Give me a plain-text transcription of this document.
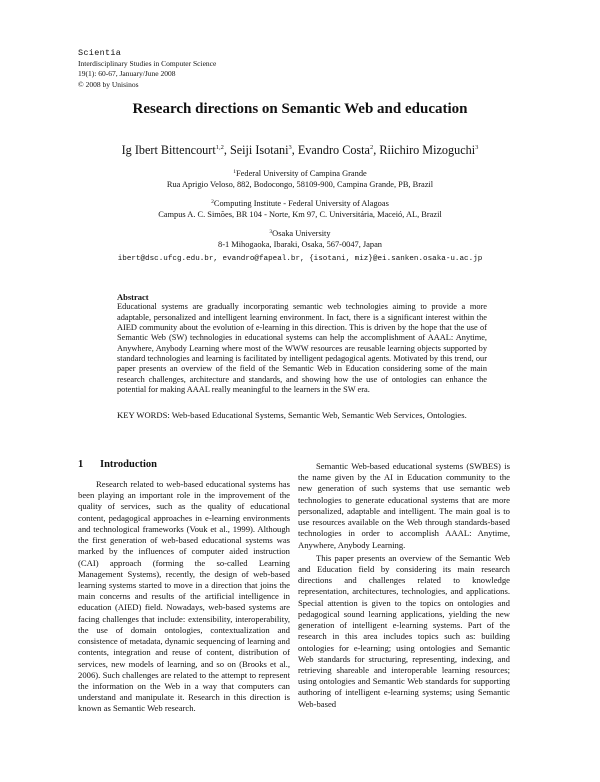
Scientia
Interdisciplinary Studies in Computer Science
19(1): 60-67, January/June 2008
© 2008 by Unisinos
Research directions on Semantic Web and education
Ig Ibert Bittencourt$^{1,2}$, Seiji Isotani$^3$, Evandro Costa$^2$, Riichiro Mizoguchi$^3$
$^1$Federal University of Campina Grande
Rua Aprigio Veloso, 882, Bodocongo, 58109-900, Campina Grande, PB, Brazil
$^2$Computing Institute - Federal University of Alagoas
Campus A. C. Simões, BR 104 - Norte, Km 97, C. Universitária, Maceió, AL, Brazil
$^3$Osaka University
8-1 Mihogaoka, Ibaraki, Osaka, 567-0047, Japan
ibert@dsc.ufcg.edu.br, evandro@fapeal.br, {isotani, miz}@ei.sanken.osaka-u.ac.jp
Abstract
Educational systems are gradually incorporating semantic web technologies aiming to provide a more adaptable, personalized and intelligent learning environment. In fact, there is a significant interest within the AIED community about the evolution of e-learning in this direction. This is driven by the hope that the use of Semantic Web (SW) technologies in educational systems can help the accomplishment of AAAL: Anytime, Anywhere, Anybody Learning where most of the WWW resources are reusable learning objects supported by standard technologies and learning is facilitated by intelligent pedagogical agents. Motivated by this trend, our paper presents an overview of the field of the Semantic Web in Education considering some of the main research challenges, architecture and standards, and showing how the use of ontologies can enhance the potential for making AAAL really meaningful to the learners in the SW era.
KEY WORDS: Web-based Educational Systems, Semantic Web, Semantic Web Services, Ontologies.
1 Introduction

Research related to web-based educational systems has been playing an important role in the improvement of the quality of services, such as the quality of educational content, pedagogical approaches in e-learning environments and technological frameworks (Vouk et al., 1999). Although the first generation of web-based educational systems was marked by the influences of computer aided instruction (CAI) approach (forming the so-called Learning Management Systems), recently, the design of web-based learning systems started to move in a direction that joins the main concerns and results of the artificial intelligence in education (AIED) field. Nowadays, web-based systems are facing challenges that include: extensibility, interoperability, the use of domain ontologies, contextualization and consistence of metadata, dynamic sequencing of learning and contents, integration and reuse of content, distribution of services, new models of learning, and so on (Brooks et al., 2006). Such challenges are related to the attempt to represent the information on the Web in a way that computers can understand and manipulate it. Research in this direction is known as Semantic Web research.

Semantic Web-based educational systems (SWBES) is the name given by the AI in Education community to the new generation of such systems that use semantic web technologies to generate educational systems that are more personalized, adaptable and intelligent. The main goal is to use resources available on the Web through standards-based technologies in order to accomplish AAAL: Anytime, Anywhere, Anybody Learning.

This paper presents an overview of the Semantic Web and Education field by considering its main research directions and challenges related to knowledge representation, architectures, technologies, and applications. Special attention is given to the topics on ontologies and pedagogical sound learning applications, yielding the new generation of intelligent e-learning systems. Part of the research in this area includes topics such as: building ontologies for e-learning; using ontologies and Semantic Web standards for structuring, representing, indexing, and retrieving shareable and interoperable learning resources; using ontologies and Semantic Web standards for supporting authoring of intelligent e-learning systems; using Semantic Web-based
